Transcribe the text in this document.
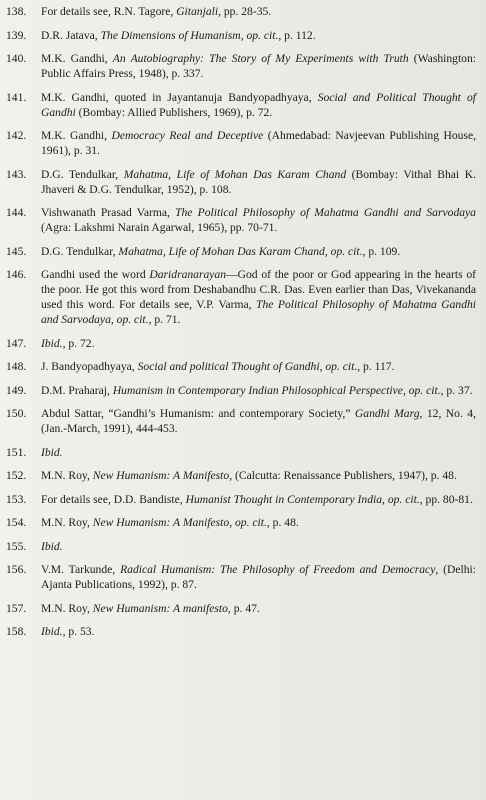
138.	For details see, R.N. Tagore, Gitanjali, pp. 28-35.
139.	D.R. Jatava, The Dimensions of Humanism, op. cit., p. 112.
140.	M.K. Gandhi, An Autobiography: The Story of My Experiments with Truth (Washington: Public Affairs Press, 1948), p. 337.
141.	M.K. Gandhi, quoted in Jayantanuja Bandyopadhyaya, Social and Political Thought of Gandhi (Bombay: Allied Publishers, 1969), p. 72.
142.	M.K. Gandhi, Democracy Real and Deceptive (Ahmedabad: Navjeevan Publishing House, 1961), p. 31.
143.	D.G. Tendulkar, Mahatma, Life of Mohan Das Karam Chand (Bombay: Vithal Bhai K. Jhaveri & D.G. Tendulkar, 1952), p. 108.
144.	Vishwanath Prasad Varma, The Political Philosophy of Mahatma Gandhi and Sarvodaya (Agra: Lakshmi Narain Agarwal, 1965), pp. 70-71.
145.	D.G. Tendulkar, Mahatma, Life of Mohan Das Karam Chand, op. cit., p. 109.
146.	Gandhi used the word Daridranarayan—God of the poor or God appearing in the hearts of the poor. He got this word from Deshabandhu C.R. Das. Even earlier than Das, Vivekananda used this word. For details see, V.P. Varma, The Political Philosophy of Mahatma Gandhi and Sarvodaya, op. cit., p. 71.
147.	Ibid., p. 72.
148.	J. Bandyopadhyaya, Social and political Thought of Gandhi, op. cit., p. 117.
149.	D.M. Praharaj, Humanism in Contemporary Indian Philosophical Perspective, op. cit., p. 37.
150.	Abdul Sattar, “Gandhi’s Humanism: and contemporary Society,” Gandhi Marg, 12, No. 4, (Jan.-March, 1991), 444-453.
151.	Ibid.
152.	M.N. Roy, New Humanism: A Manifesto, (Calcutta: Renaissance Publishers, 1947), p. 48.
153.	For details see, D.D. Bandiste, Humanist Thought in Contemporary India, op. cit., pp. 80-81.
154.	M.N. Roy, New Humanism: A Manifesto, op. cit., p. 48.
155.	Ibid.
156.	V.M. Tarkunde, Radical Humanism: The Philosophy of Freedom and Democracy, (Delhi: Ajanta Publications, 1992), p. 87.
157.	M.N. Roy, New Humanism: A manifesto, p. 47.
158.	Ibid., p. 53.
